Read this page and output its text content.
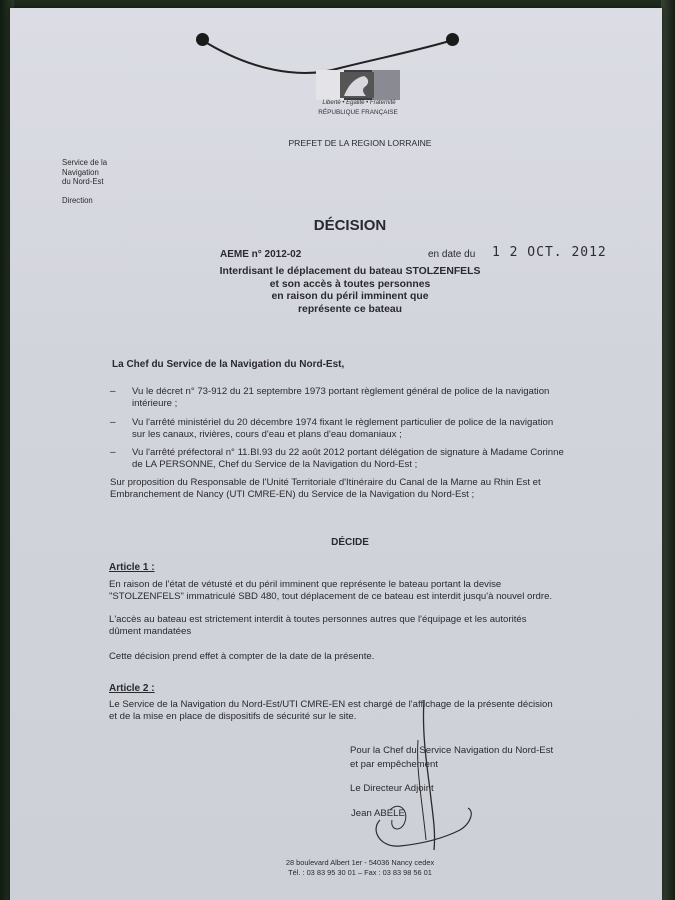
Liberté • Égalité • Fraternité
RÉPUBLIQUE FRANÇAISE
PREFET DE LA REGION LORRAINE
Service de la
Navigation
du Nord-Est
Direction
DÉCISION
AEME n° 2012-02	en date du 1 2 OCT. 2012
Interdisant le déplacement du bateau STOLZENFELS
et son accès à toutes personnes
en raison du péril imminent que
représente ce bateau
La Chef du Service de la Navigation du Nord-Est,
– Vu le décret n° 73-912 du 21 septembre 1973 portant règlement général de police de la navigation
intérieure ;
– Vu l'arrêté ministériel du 20 décembre 1974 fixant le règlement particulier de police de la navigation
sur les canaux, rivières, cours d'eau et plans d'eau domaniaux ;
– Vu l'arrêté préfectoral n° 11.BI.93 du 22 août 2012 portant délégation de signature à Madame Corinne
de LA PERSONNE, Chef du Service de la Navigation du Nord-Est ;
Sur proposition du Responsable de l'Unité Territoriale d'Itinéraire du Canal de la Marne au Rhin Est et
Embranchement de Nancy (UTI CMRE-EN) du Service de la Navigation du Nord-Est ;
DÉCIDE
Article 1 :
En raison de l'état de vétusté et du péril imminent que représente le bateau portant la devise
"STOLZENFELS" immatriculé SBD 480, tout déplacement de ce bateau est interdit jusqu'à nouvel ordre.
L'accès au bateau est strictement interdit à toutes personnes autres que l'équipage et les autorités
dûment mandatées
Cette décision prend effet à compter de la date de la présente.
Article 2 :
Le Service de la Navigation du Nord-Est/UTI CMRE-EN est chargé de l'affichage de la présente décision
et de la mise en place de dispositifs de sécurité sur le site.
Pour la Chef du Service Navigation du Nord-Est
et par empêchement
Le Directeur Adjoint
Jean ABELE
28 boulevard Albert 1er - 54036 Nancy cedex
Tél. : 03 83 95 30 01 – Fax : 03 83 98 56 01
